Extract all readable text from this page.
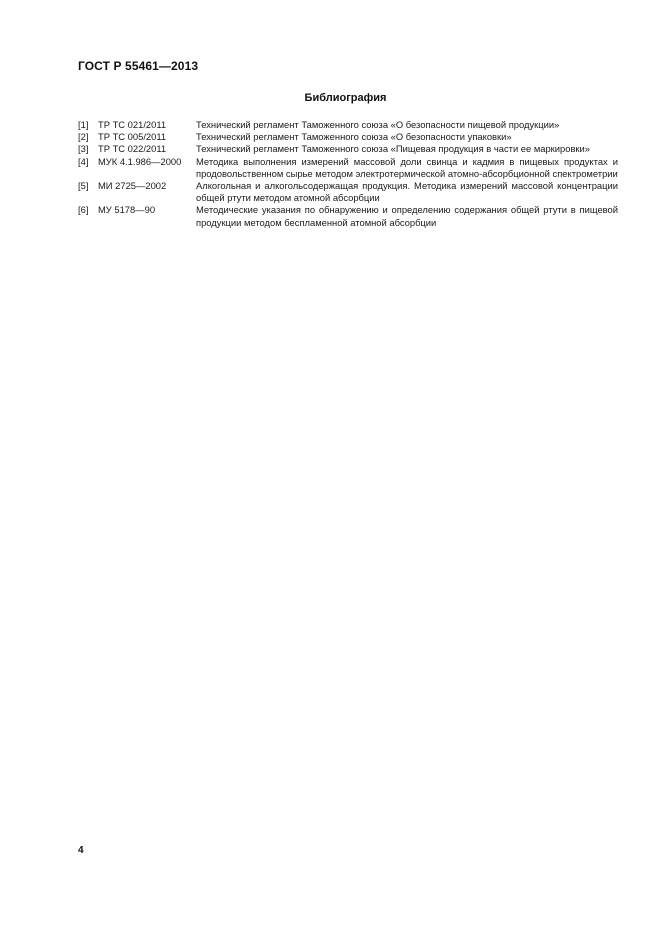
ГОСТ Р 55461—2013
Библиография
[1]	ТР ТС 021/2011	Технический регламент Таможенного союза «О безопасности пищевой продукции»
[2]	ТР ТС 005/2011	Технический регламент Таможенного союза «О безопасности упаковки»
[3]	ТР ТС 022/2011	Технический регламент Таможенного союза «Пищевая продукция в части ее маркировки»
[4]	МУК 4.1.986—2000	Методика выполнения измерений массовой доли свинца и кадмия в пищевых продуктах и продовольственном сырье методом электротермической атомно-абсорбционной спектрометрии
[5]	МИ 2725—2002	Алкогольная и алкогольсодержащая продукция. Методика измерений массовой концентрации общей ртути методом атомной абсорбции
[6]	МУ 5178—90	Методические указания по обнаружению и определению содержания общей ртути в пищевой продукции методом беспламенной атомной абсорбции
4
